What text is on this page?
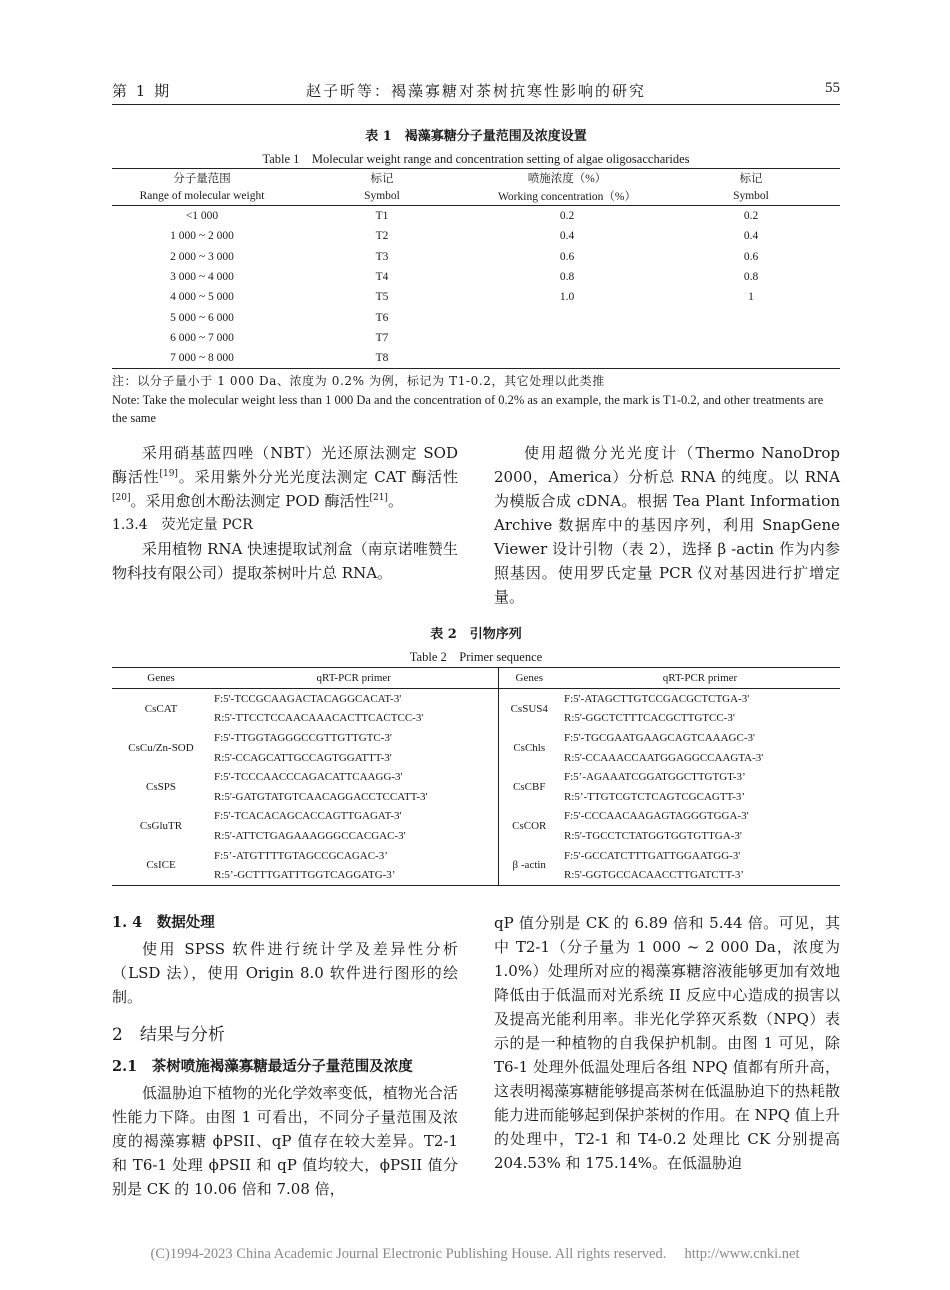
第 1 期	赵子昕等：褐藻寡糖对茶树抗寒性影响的研究	55
表 1　褐藻寡糖分子量范围及浓度设置
Table 1　Molecular weight range and concentration setting of algae oligosaccharides
分子量范围	标记	喷施浓度（%）	标记
Range of molecular weight	Symbol	Working concentration（%）	Symbol
<1 000	T1	0.2	0.2
1 000 ~ 2 000	T2	0.4	0.4
2 000 ~ 3 000	T3	0.6	0.6
3 000 ~ 4 000	T4	0.8	0.8
4 000 ~ 5 000	T5	1.0	1
5 000 ~ 6 000	T6		
6 000 ~ 7 000	T7		
7 000 ~ 8 000	T8		
注：以分子量小于 1 000 Da、浓度为 0.2% 为例，标记为 T1-0.2，其它处理以此类推
Note: Take the molecular weight less than 1 000 Da and the concentration of 0.2% as an example, the mark is T1-0.2, and other treatments are the same

采用硝基蓝四唑（NBT）光还原法测定 SOD 酶活性[19]。采用紫外分光光度法测定 CAT 酶活性[20]。采用愈创木酚法测定 POD 酶活性[21]。

1.3.4　荧光定量 PCR

采用植物 RNA 快速提取试剂盒（南京诺唯赞生物科技有限公司）提取茶树叶片总 RNA。

使用超微分光光度计（Thermo NanoDrop 2000，America）分析总 RNA 的纯度。以 RNA 为模版合成 cDNA。根据 Tea Plant Information Archive 数据库中的基因序列，利用 SnapGene Viewer 设计引物（表 2），选择 β -actin 作为内参照基因。使用罗氏定量 PCR 仪对基因进行扩增定量。

表 2　引物序列
Table 2　Primer sequence
Genes	qRT-PCR primer	Genes	qRT-PCR primer
CsCAT	F:5'-TCCGCAAGACTACAGGCACAT-3'	CsSUS4	F:5'-ATAGCTTGTCCGACGCTCTGA-3'
	R:5'-TTCCTCCAACAAACACTTCACTCC-3'		R:5'-GGCTCTTTCACGCTTGTCC-3'
CsCu/Zn-SOD	F:5'-TTGGTAGGGCCGTTGTTGTC-3'	CsChls	F:5'-TGCGAATGAAGCAGTCAAAGC-3'
	R:5'-CCAGCATTGCCAGTGGATTT-3'		R:5'-CCAAACCAATGGAGGCCAAGTA-3'
CsSPS	F:5'-TCCCAACCCAGACATTCAAGG-3'	CsCBF	F:5’-AGAAATCGGATGGCTTGTGT-3’
	R:5'-GATGTATGTCAACAGGACCTCCATT-3'		R:5’-TTGTCGTCTCAGTCGCAGTT-3’
CsGluTR	F:5'-TCACACAGCACCAGTTGAGAT-3'	CsCOR	F:5'-CCCAACAAGAGTAGGGTGGA-3'
	R:5'-ATTCTGAGAAAGGGCCACGAC-3'		R:5'-TGCCTCTATGGTGGTGTTGA-3'
CsICE	F:5’-ATGTTTTGTAGCCGCAGAC-3’	β -actin	F:5'-GCCATCTTTGATTGGAATGG-3'
	R:5’-GCTTTGATTTGGTCAGGATG-3’		R:5'-GGTGCCACAACCTTGATCTT-3’

1. 4　数据处理

使用 SPSS 软件进行统计学及差异性分析（LSD 法），使用 Origin 8.0 软件进行图形的绘制。

2　结果与分析

2.1　茶树喷施褐藻寡糖最适分子量范围及浓度

低温胁迫下植物的光化学效率变低，植物光合活性能力下降。由图 1 可看出，不同分子量范围及浓度的褐藻寡糖 ϕPSII、qP 值存在较大差异。T2-1 和 T6-1 处理 ϕPSII 和 qP 值均较大，ϕPSII 值分别是 CK 的 10.06 倍和 7.08 倍，

qP 值分别是 CK 的 6.89 倍和 5.44 倍。可见，其中 T2-1（分子量为 1 000 ~ 2 000 Da，浓度为 1.0%）处理所对应的褐藻寡糖溶液能够更加有效地降低由于低温而对光系统 II 反应中心造成的损害以及提高光能利用率。非光化学猝灭系数（NPQ）表示的是一种植物的自我保护机制。由图 1 可见，除 T6-1 处理外低温处理后各组 NPQ 值都有所升高，这表明褐藻寡糖能够提高茶树在低温胁迫下的热耗散能力进而能够起到保护茶树的作用。在 NPQ 值上升的处理中，T2-1 和 T4-0.2 处理比 CK 分别提高 204.53% 和 175.14%。在低温胁迫

(C)1994-2023 China Academic Journal Electronic Publishing House. All rights reserved.　 http://www.cnki.net
